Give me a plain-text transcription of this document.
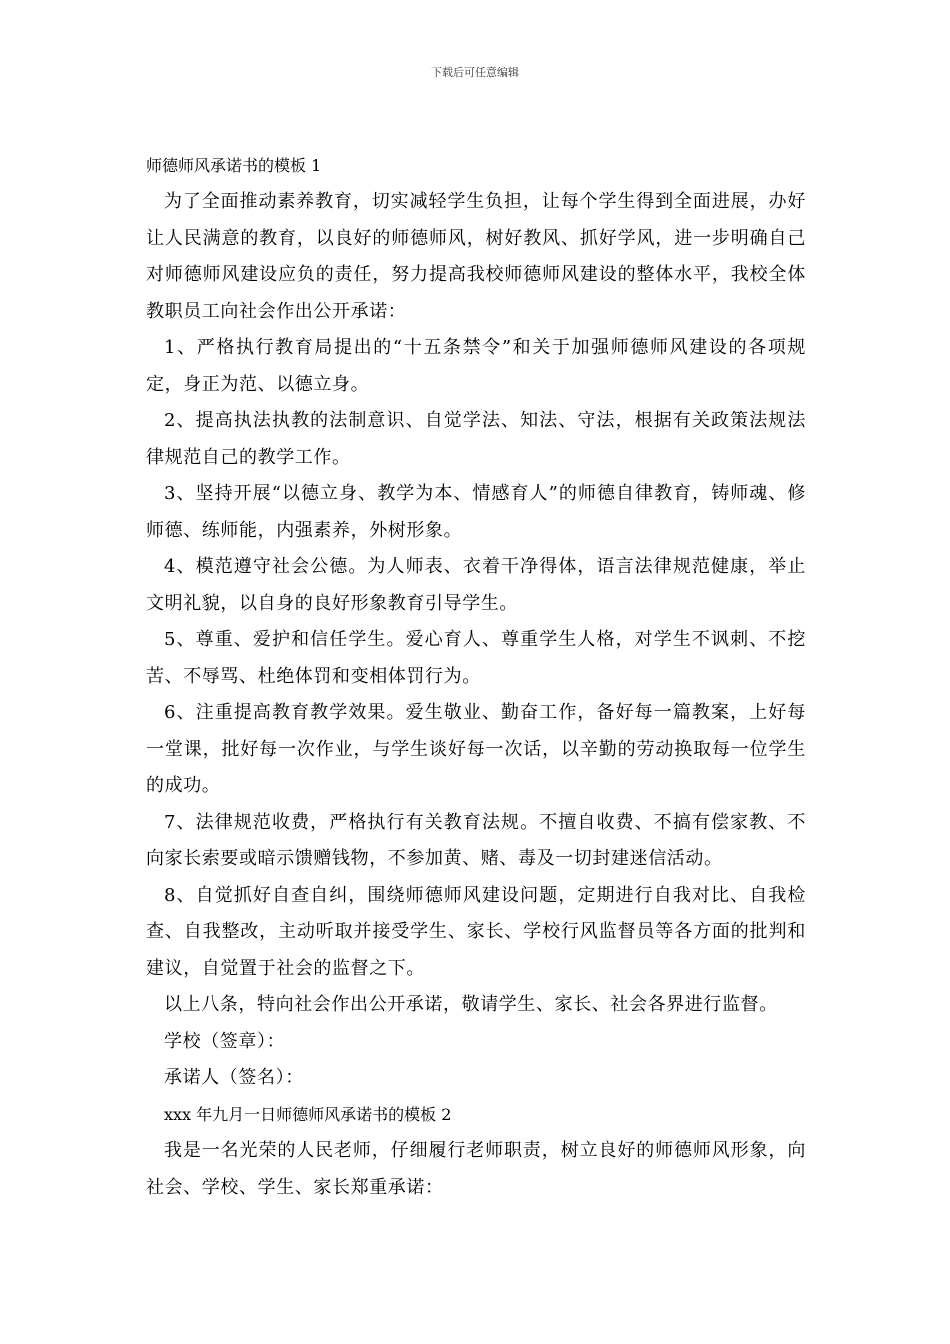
下载后可任意编辑

师德师风承诺书的模板 1

为了全面推动素养教育，切实减轻学生负担，让每个学生得到全面进展，办好让人民满意的教育，以良好的师德师风，树好教风、抓好学风，进一步明确自己对师德师风建设应负的责任，努力提高我校师德师风建设的整体水平，我校全体教职员工向社会作出公开承诺：

1、严格执行教育局提出的“十五条禁令”和关于加强师德师风建设的各项规定，身正为范、以德立身。

2、提高执法执教的法制意识、自觉学法、知法、守法，根据有关政策法规法律规范自己的教学工作。

3、坚持开展“以德立身、教学为本、情感育人”的师德自律教育，铸师魂、修师德、练师能，内强素养，外树形象。

4、模范遵守社会公德。为人师表、衣着干净得体，语言法律规范健康，举止文明礼貌，以自身的良好形象教育引导学生。

5、尊重、爱护和信任学生。爱心育人、尊重学生人格，对学生不讽刺、不挖苦、不辱骂、杜绝体罚和变相体罚行为。

6、注重提高教育教学效果。爱生敬业、勤奋工作，备好每一篇教案，上好每一堂课，批好每一次作业，与学生谈好每一次话，以辛勤的劳动换取每一位学生的成功。

7、法律规范收费，严格执行有关教育法规。不擅自收费、不搞有偿家教、不向家长索要或暗示馈赠钱物，不参加黄、赌、毒及一切封建迷信活动。

8、自觉抓好自查自纠，围绕师德师风建设问题，定期进行自我对比、自我检查、自我整改，主动听取并接受学生、家长、学校行风监督员等各方面的批判和建议，自觉置于社会的监督之下。

以上八条，特向社会作出公开承诺，敬请学生、家长、社会各界进行监督。

学校（签章）：

承诺人（签名）：

xxx 年九月一日师德师风承诺书的模板 2

我是一名光荣的人民老师，仔细履行老师职责，树立良好的师德师风形象，向社会、学校、学生、家长郑重承诺：
